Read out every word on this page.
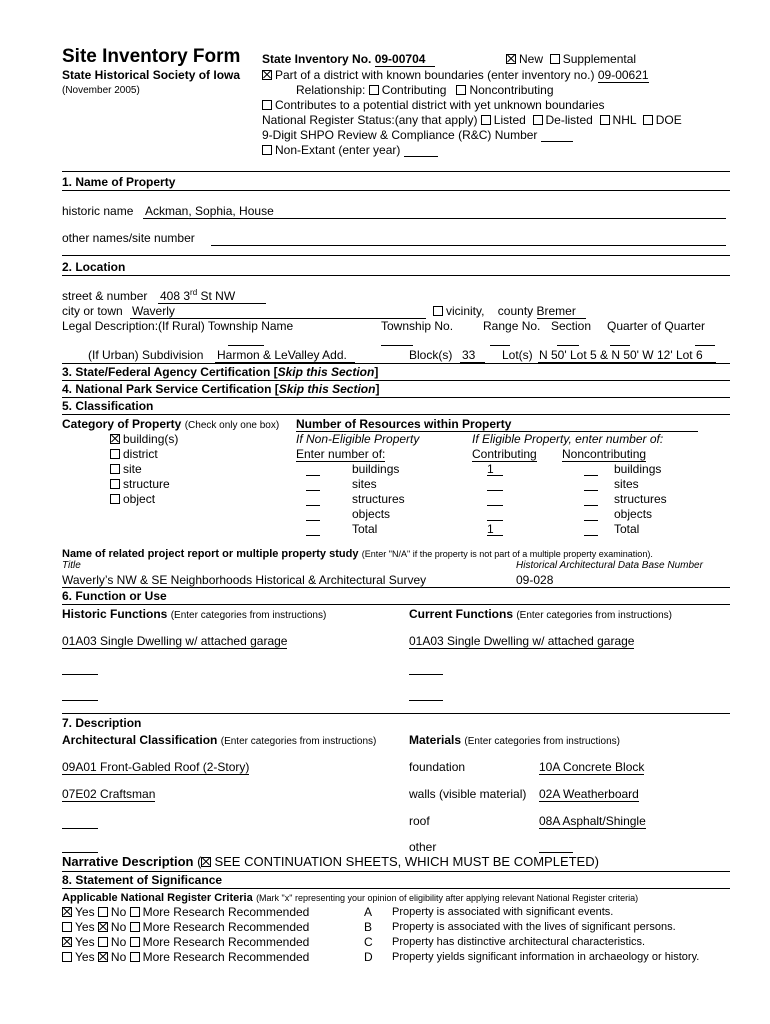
Site Inventory Form
State Historical Society of Iowa
(November 2005)
State Inventory No. 09-00704	New Supplemental
Part of a district with known boundaries (enter inventory no.) 09-00621
Relationship: Contributing Noncontributing
Contributes to a potential district with yet unknown boundaries
National Register Status:(any that apply) Listed De-listed NHL DOE
9-Digit SHPO Review & Compliance (R&C) Number
Non-Extant (enter year)
1. Name of Property
historic name Ackman, Sophia, House
other names/site number
2. Location
street & number 408 3rd St NW
city or town Waverly	vicinity, county Bremer
Legal Description:(If Rural) Township Name	Township No. Range No. Section Quarter of Quarter
(If Urban) Subdivision Harmon & LeValley Add.	Block(s) 33 Lot(s) N 50' Lot 5 & N 50' W 12' Lot 6
3. State/Federal Agency Certification [Skip this Section]
4. National Park Service Certification [Skip this Section]
5. Classification
Category of Property (Check only one box)
building(s)
district
site
structure
object
Number of Resources within Property
If Non-Eligible Property
Enter number of:
If Eligible Property, enter number of:
Contributing Noncontributing
buildings	1	buildings
sites	sites
structures	structures
objects	objects
Total	1	Total
Name of related project report or multiple property study (Enter "N/A" if the property is not part of a multiple property examination).
Title	Historical Architectural Data Base Number
Waverly’s NW & SE Neighborhoods Historical & Architectural Survey	09-028
6. Function or Use
Historic Functions (Enter categories from instructions)	Current Functions (Enter categories from instructions)
01A03 Single Dwelling w/ attached garage	01A03 Single Dwelling w/ attached garage
7. Description
Architectural Classification (Enter categories from instructions)	Materials (Enter categories from instructions)
09A01 Front-Gabled Roof (2-Story)
07E02 Craftsman
foundation	10A Concrete Block
walls (visible material) 02A Weatherboard
roof	08A Asphalt/Shingle
other
Narrative Description ( SEE CONTINUATION SHEETS, WHICH MUST BE COMPLETED)
8. Statement of Significance
Applicable National Register Criteria (Mark "x" representing your opinion of eligibility after applying relevant National Register criteria)
Yes No More Research Recommended	A Property is associated with significant events.
Yes No More Research Recommended	B Property is associated with the lives of significant persons.
Yes No More Research Recommended	C Property has distinctive architectural characteristics.
Yes No More Research Recommended	D Property yields significant information in archaeology or history.
